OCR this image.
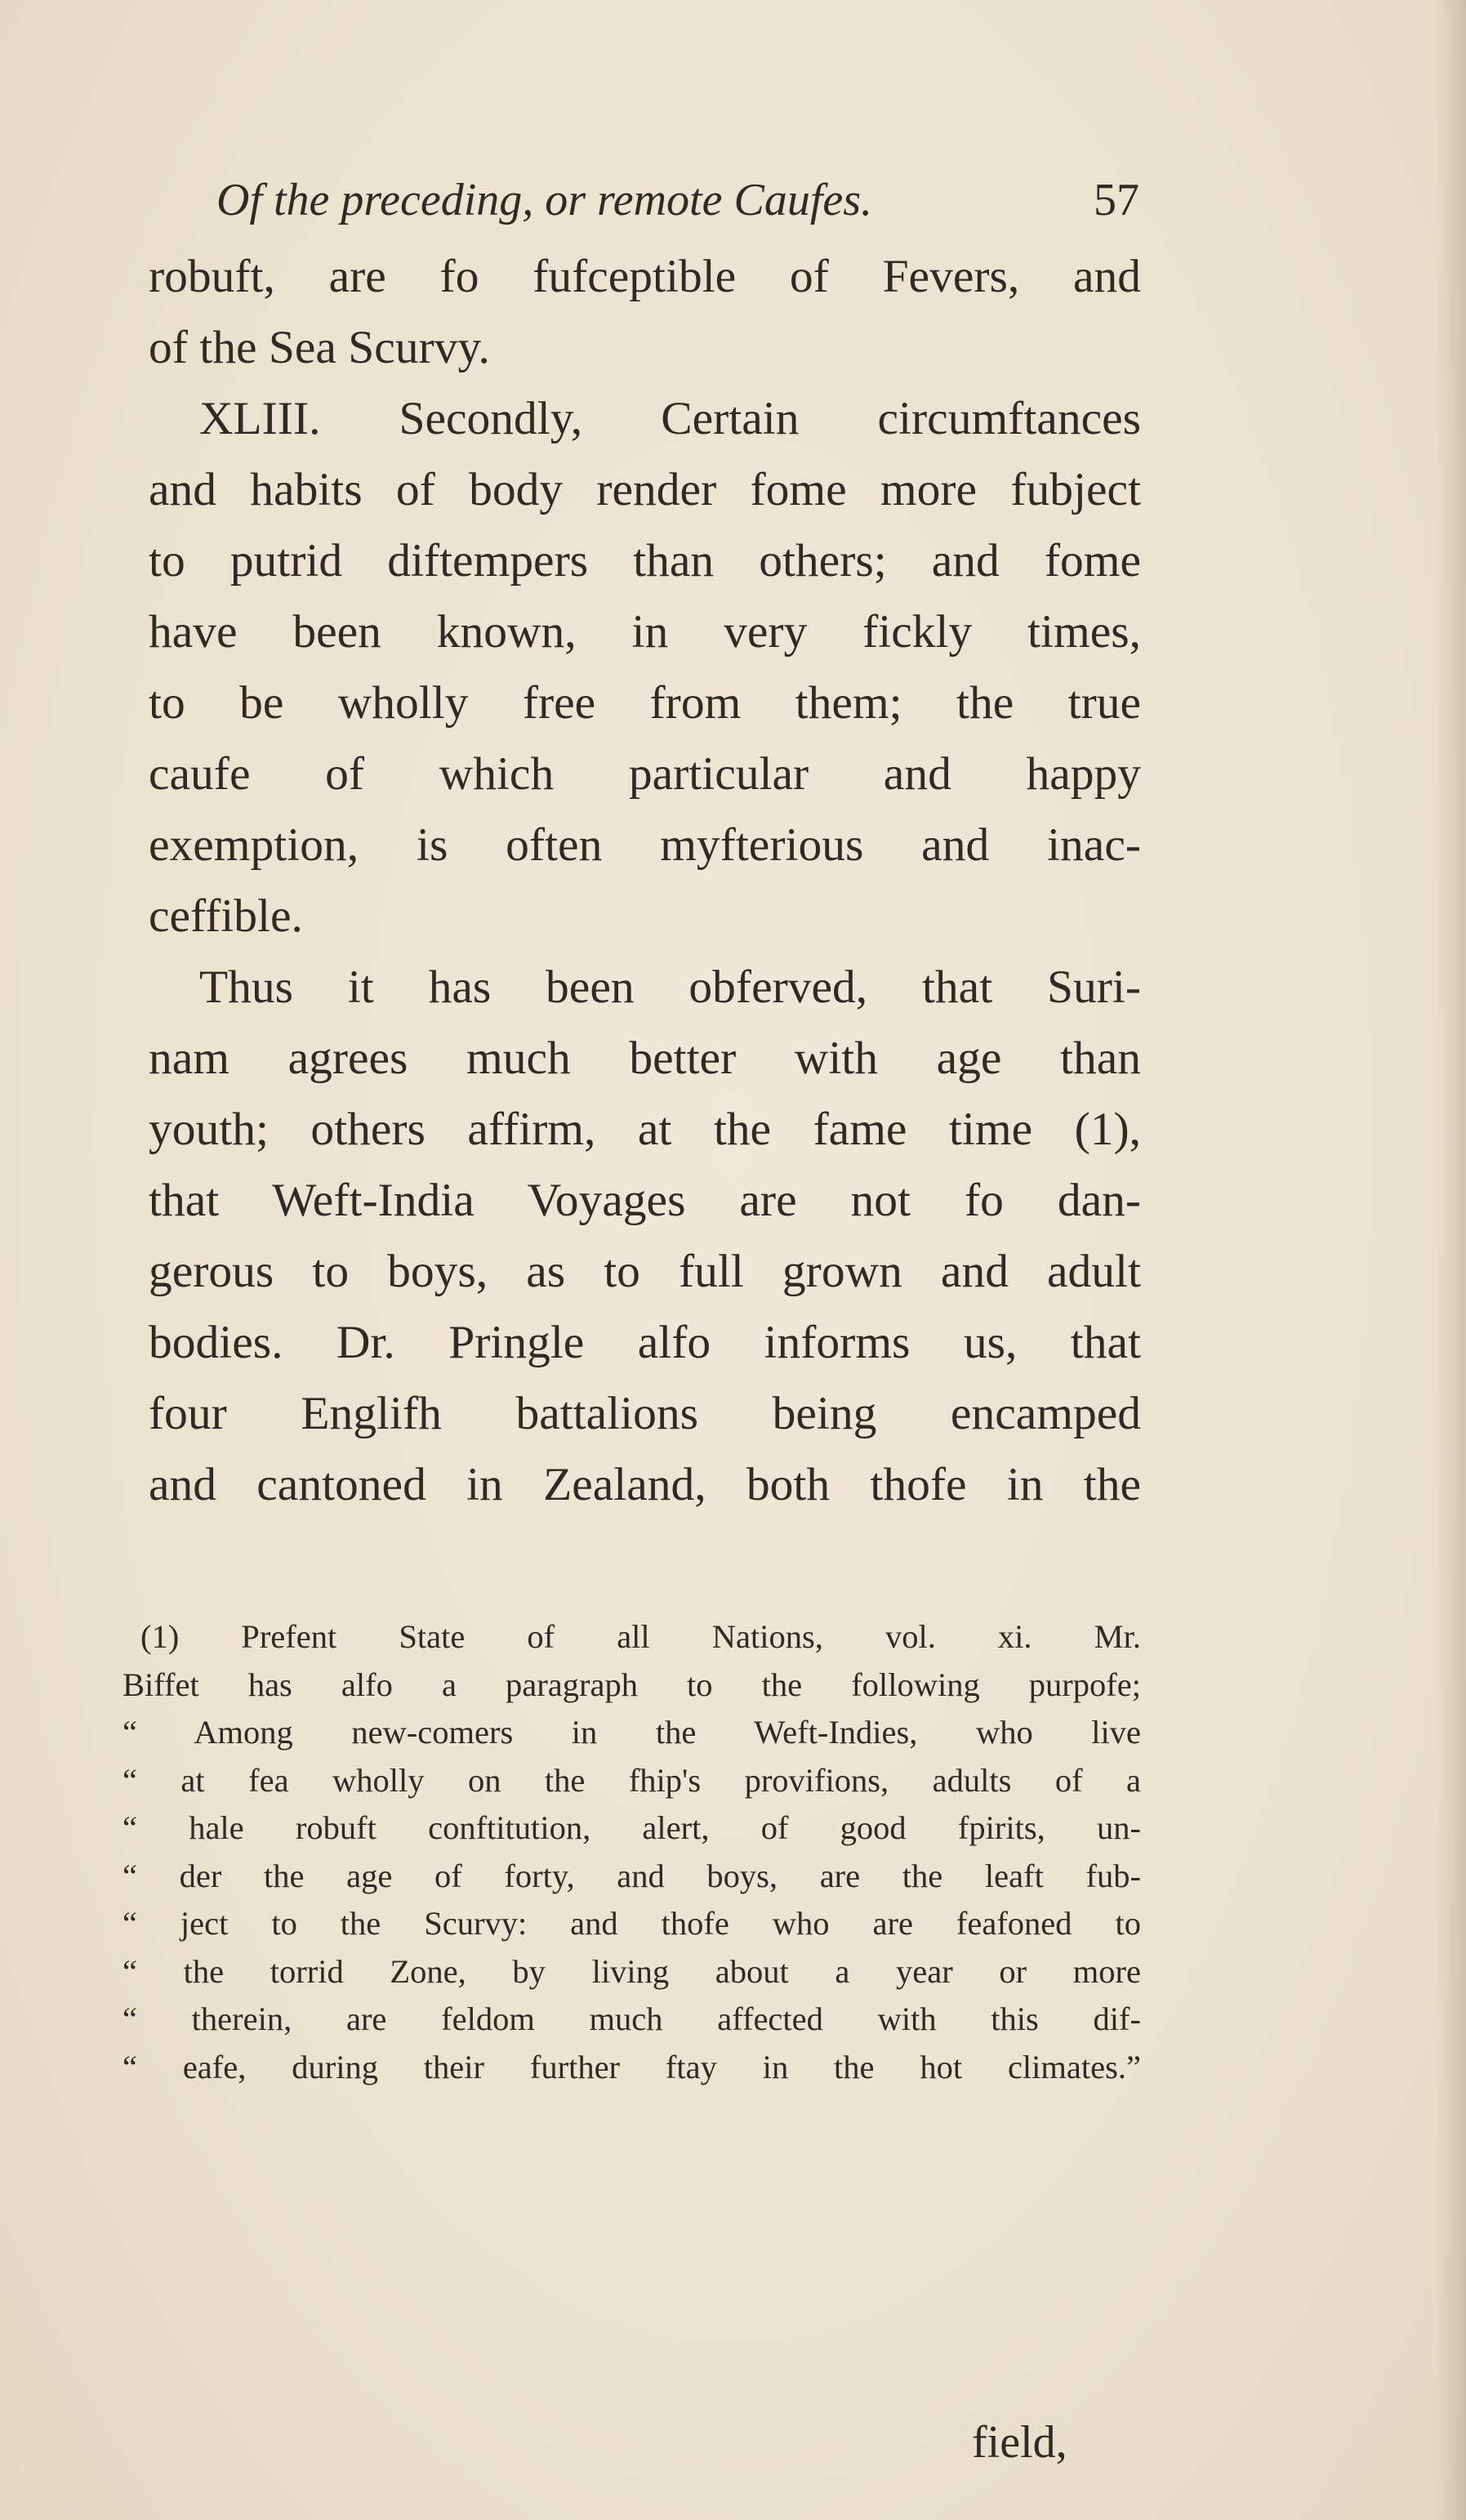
Of the preceding, or remote Caufes.	57
robuft, are fo fufceptible of Fevers, and
of the Sea Scurvy.
XLIII. Secondly, Certain circumftances
and habits of body render fome more fubject
to putrid diftempers than others; and fome
have been known, in very fickly times,
to be wholly free from them; the true
caufe of which particular and happy
exemption, is often myfterious and inac-
ceffible.
Thus it has been obferved, that Suri-
nam agrees much better with age than
youth; others affirm, at the fame time (1),
that Weft-India Voyages are not fo dan-
gerous to boys, as to full grown and adult
bodies. Dr. Pringle alfo informs us, that
four Englifh battalions being encamped
and cantoned in Zealand, both thofe in the
(1) Prefent State of all Nations, vol. xi. Mr.
Biffet has alfo a paragraph to the following purpofe;
“ Among new-comers in the Weft-Indies, who live
“ at fea wholly on the fhip's provifions, adults of a
“ hale robuft conftitution, alert, of good fpirits, un-
“ der the age of forty, and boys, are the leaft fub-
“ ject to the Scurvy: and thofe who are feafoned to
“ the torrid Zone, by living about a year or more
“ therein, are feldom much affected with this dif-
“ eafe, during their further ftay in the hot climates.”
field,
